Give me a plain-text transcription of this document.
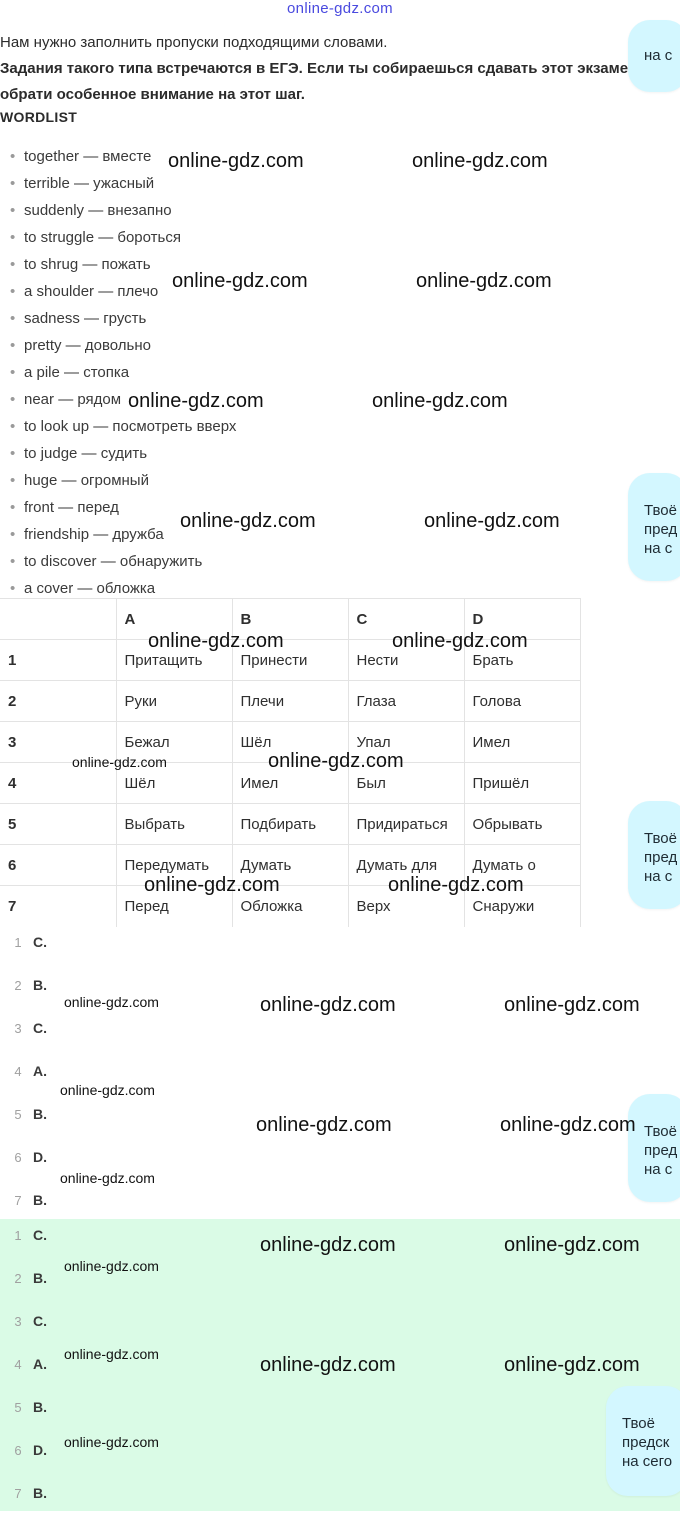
online-gdz.com
Нам нужно заполнить пропуски подходящими словами.
Задания такого типа встречаются в ЕГЭ. Если ты собираешься сдавать этот экзаме
обрати особенное внимание на этот шаг.
WORDLIST
• together — вместе
• terrible — ужасный
• suddenly — внезапно
• to struggle — бороться
• to shrug — пожать
• a shoulder — плечо
• sadness — грусть
• pretty — довольно
• a pile — стопка
• near — рядом
• to look up — посмотреть вверх
• to judge — судить
• huge — огромный
• front — перед
• friendship — дружба
• to discover — обнаружить
• a cover — обложка
	A	B	C	D
1	Притащить	Принести	Нести	Брать
2	Руки	Плечи	Глаза	Голова
3	Бежал	Шёл	Упал	Имел
4	Шёл	Имел	Был	Пришёл
5	Выбрать	Подбирать	Придираться	Обрывать
6	Передумать	Думать	Думать для	Думать о
7	Перед	Обложка	Верх	Снаружи
1 C.
2 B.
3 C.
4 A.
5 B.
6 D.
7 B.
1 C.
2 B.
3 C.
4 A.
5 B.
6 D.
7 B.
на с
Твоё
пред
на с
Твоё
пред
на с
Твоё
пред
на с
Твоё
предск
на сего
online-gdz.com	online-gdz.com
online-gdz.com	online-gdz.com
online-gdz.com	online-gdz.com
online-gdz.com	online-gdz.com
online-gdz.com	online-gdz.com
online-gdz.com	online-gdz.com
online-gdz.com	online-gdz.com
online-gdz.com	online-gdz.com	online-gdz.com
online-gdz.com
online-gdz.com	online-gdz.com
online-gdz.com
online-gdz.com	online-gdz.com
online-gdz.com
online-gdz.com	online-gdz.com	online-gdz.com
online-gdz.com
